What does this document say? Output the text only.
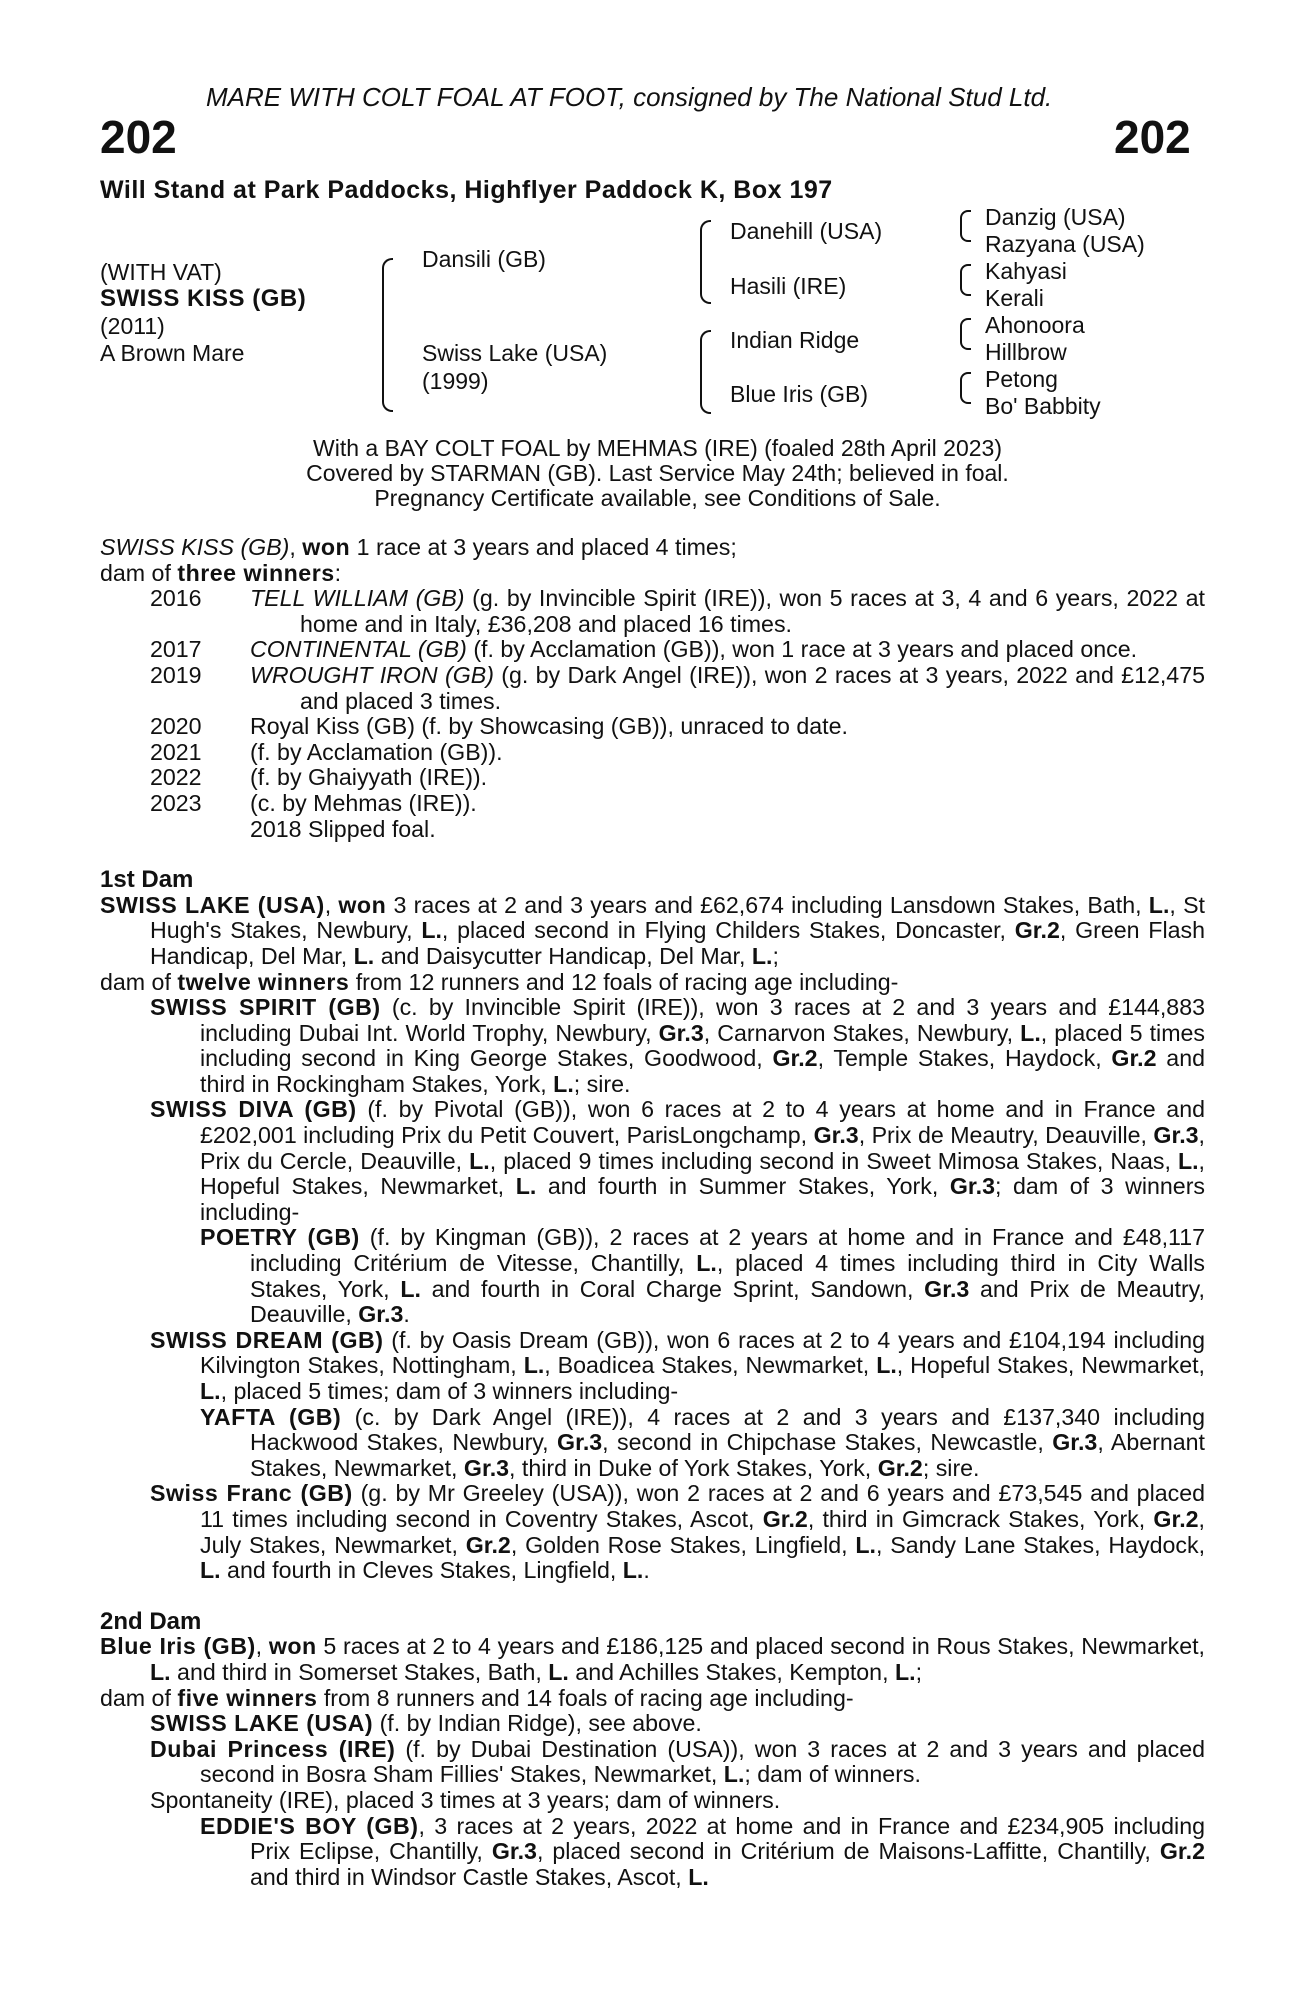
MARE WITH COLT FOAL AT FOOT, consigned by The National Stud Ltd.
202	202
Will Stand at Park Paddocks, Highflyer Paddock K, Box 197
(WITH VAT)
SWISS KISS (GB)
(2011)
A Brown Mare
Dansili (GB)
Swiss Lake (USA)
(1999)
Danehill (USA)
Hasili (IRE)
Indian Ridge
Blue Iris (GB)
Danzig (USA)
Razyana (USA)
Kahyasi
Kerali
Ahonoora
Hillbrow
Petong
Bo' Babbity
With a BAY COLT FOAL by MEHMAS (IRE) (foaled 28th April 2023)
Covered by STARMAN (GB). Last Service May 24th; believed in foal.
Pregnancy Certificate available, see Conditions of Sale.
SWISS KISS (GB), won 1 race at 3 years and placed 4 times;
dam of three winners:
2016	TELL WILLIAM (GB) (g. by Invincible Spirit (IRE)), won 5 races at 3, 4 and 6 years, 2022 at home and in Italy, £36,208 and placed 16 times.
2017	CONTINENTAL (GB) (f. by Acclamation (GB)), won 1 race at 3 years and placed once.
2019	WROUGHT IRON (GB) (g. by Dark Angel (IRE)), won 2 races at 3 years, 2022 and £12,475 and placed 3 times.
2020	Royal Kiss (GB) (f. by Showcasing (GB)), unraced to date.
2021	(f. by Acclamation (GB)).
2022	(f. by Ghaiyyath (IRE)).
2023	(c. by Mehmas (IRE)).
2018 Slipped foal.
1st Dam
SWISS LAKE (USA), won 3 races at 2 and 3 years and £62,674 including Lansdown Stakes, Bath, L., St Hugh's Stakes, Newbury, L., placed second in Flying Childers Stakes, Doncaster, Gr.2, Green Flash Handicap, Del Mar, L. and Daisycutter Handicap, Del Mar, L.;
dam of twelve winners from 12 runners and 12 foals of racing age including-
SWISS SPIRIT (GB) (c. by Invincible Spirit (IRE)), won 3 races at 2 and 3 years and £144,883 including Dubai Int. World Trophy, Newbury, Gr.3, Carnarvon Stakes, Newbury, L., placed 5 times including second in King George Stakes, Goodwood, Gr.2, Temple Stakes, Haydock, Gr.2 and third in Rockingham Stakes, York, L.; sire.
SWISS DIVA (GB) (f. by Pivotal (GB)), won 6 races at 2 to 4 years at home and in France and £202,001 including Prix du Petit Couvert, ParisLongchamp, Gr.3, Prix de Meautry, Deauville, Gr.3, Prix du Cercle, Deauville, L., placed 9 times including second in Sweet Mimosa Stakes, Naas, L., Hopeful Stakes, Newmarket, L. and fourth in Summer Stakes, York, Gr.3; dam of 3 winners including-
POETRY (GB) (f. by Kingman (GB)), 2 races at 2 years at home and in France and £48,117 including Critérium de Vitesse, Chantilly, L., placed 4 times including third in City Walls Stakes, York, L. and fourth in Coral Charge Sprint, Sandown, Gr.3 and Prix de Meautry, Deauville, Gr.3.
SWISS DREAM (GB) (f. by Oasis Dream (GB)), won 6 races at 2 to 4 years and £104,194 including Kilvington Stakes, Nottingham, L., Boadicea Stakes, Newmarket, L., Hopeful Stakes, Newmarket, L., placed 5 times; dam of 3 winners including-
YAFTA (GB) (c. by Dark Angel (IRE)), 4 races at 2 and 3 years and £137,340 including Hackwood Stakes, Newbury, Gr.3, second in Chipchase Stakes, Newcastle, Gr.3, Abernant Stakes, Newmarket, Gr.3, third in Duke of York Stakes, York, Gr.2; sire.
Swiss Franc (GB) (g. by Mr Greeley (USA)), won 2 races at 2 and 6 years and £73,545 and placed 11 times including second in Coventry Stakes, Ascot, Gr.2, third in Gimcrack Stakes, York, Gr.2, July Stakes, Newmarket, Gr.2, Golden Rose Stakes, Lingfield, L., Sandy Lane Stakes, Haydock, L. and fourth in Cleves Stakes, Lingfield, L..
2nd Dam
Blue Iris (GB), won 5 races at 2 to 4 years and £186,125 and placed second in Rous Stakes, Newmarket, L. and third in Somerset Stakes, Bath, L. and Achilles Stakes, Kempton, L.;
dam of five winners from 8 runners and 14 foals of racing age including-
SWISS LAKE (USA) (f. by Indian Ridge), see above.
Dubai Princess (IRE) (f. by Dubai Destination (USA)), won 3 races at 2 and 3 years and placed second in Bosra Sham Fillies' Stakes, Newmarket, L.; dam of winners.
Spontaneity (IRE), placed 3 times at 3 years; dam of winners.
EDDIE'S BOY (GB), 3 races at 2 years, 2022 at home and in France and £234,905 including Prix Eclipse, Chantilly, Gr.3, placed second in Critérium de Maisons-Laffitte, Chantilly, Gr.2 and third in Windsor Castle Stakes, Ascot, L.
